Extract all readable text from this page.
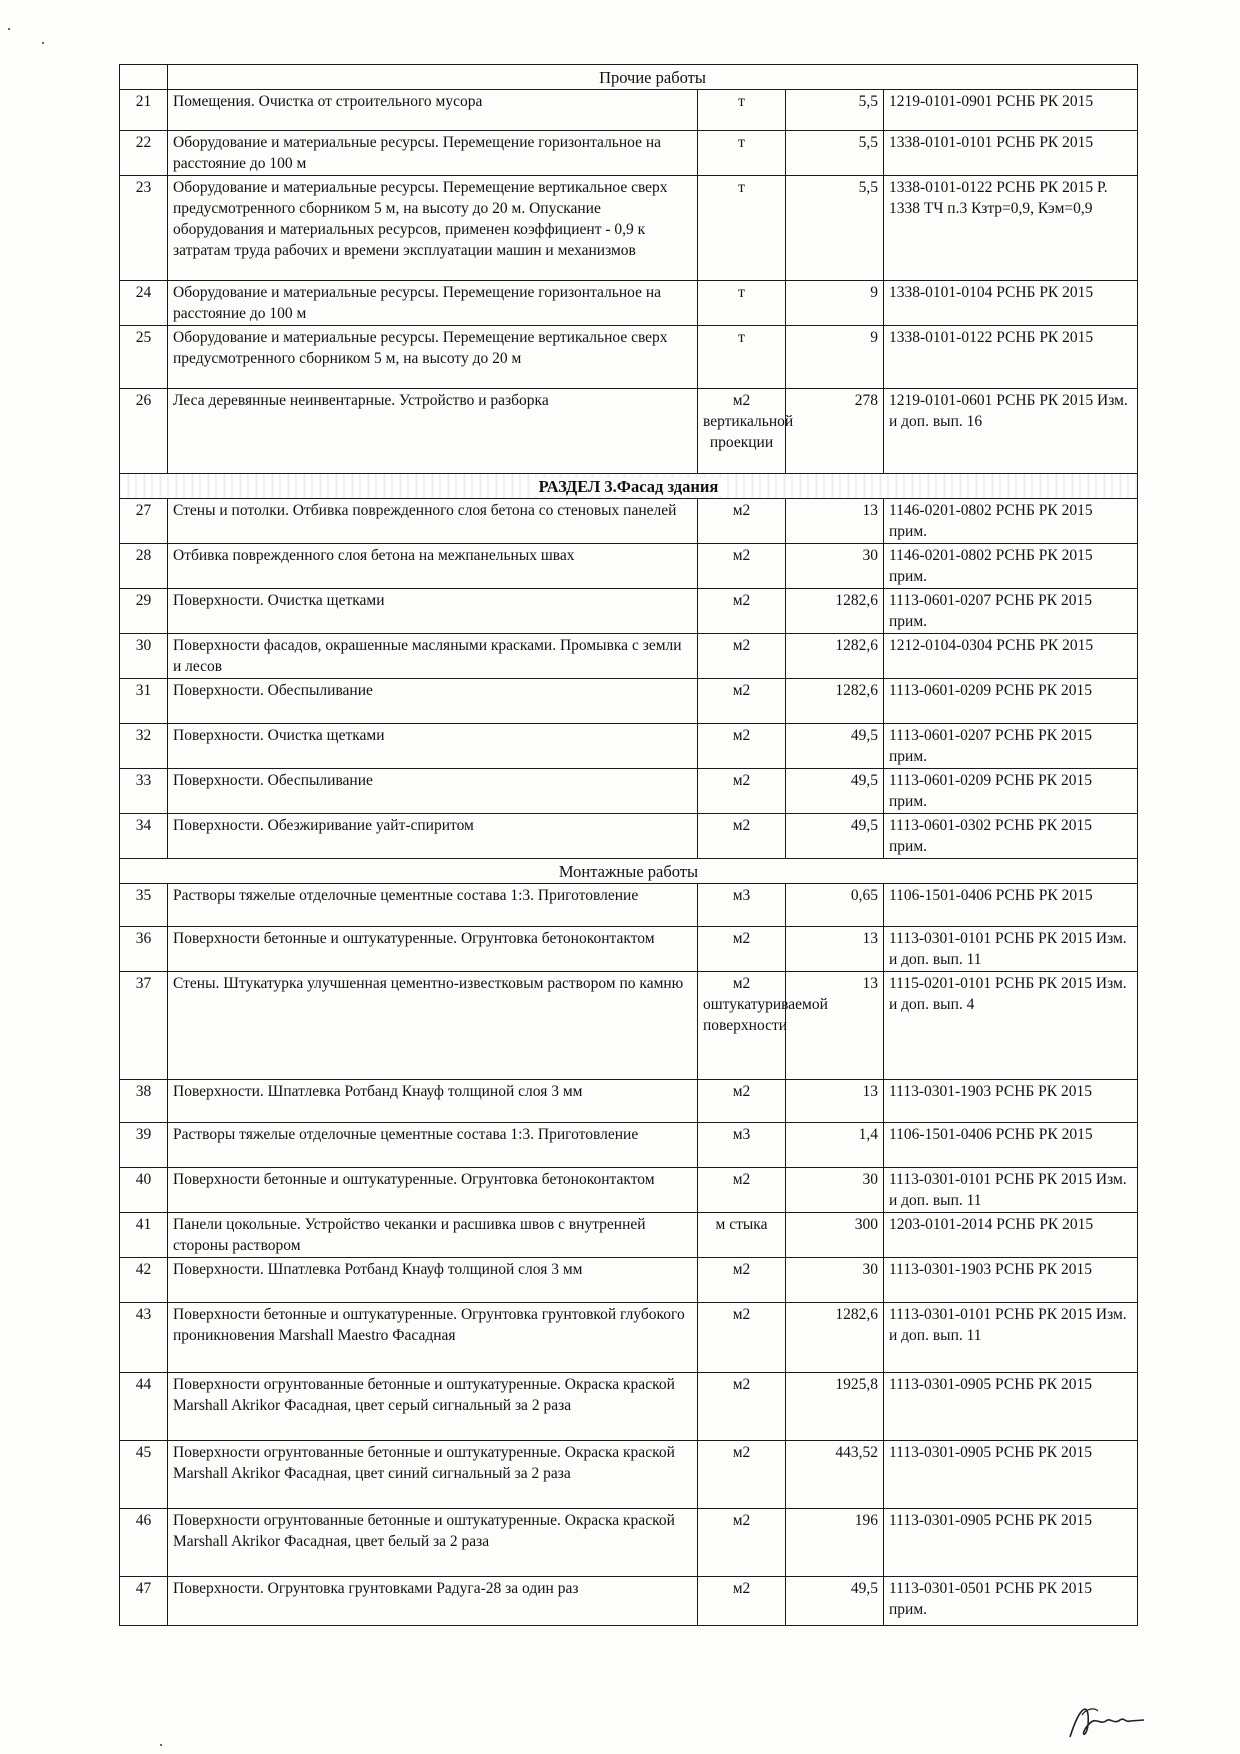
	Прочие работы			
21	Помещения. Очистка от строительного мусора	т	5,5	1219-0101-0901 РСНБ РК 2015
22	Оборудование и материальные ресурсы. Перемещение горизонтальное на расстояние до 100 м	т	5,5	1338-0101-0101 РСНБ РК 2015
23	Оборудование и материальные ресурсы. Перемещение вертикальное сверх предусмотренного сборником 5 м, на высоту до 20 м. Опускание оборудования и материальных ресурсов, применен коэффициент - 0,9 к затратам труда рабочих и времени эксплуатации машин и механизмов	т	5,5	1338-0101-0122 РСНБ РК 2015 Р. 1338 ТЧ п.3 Кзтр=0,9, Кэм=0,9
24	Оборудование и материальные ресурсы. Перемещение горизонтальное на расстояние до 100 м	т	9	1338-0101-0104 РСНБ РК 2015
25	Оборудование и материальные ресурсы. Перемещение вертикальное сверх предусмотренного сборником 5 м, на высоту до 20 м	т	9	1338-0101-0122 РСНБ РК 2015
26	Леса деревянные неинвентарные. Устройство и разборка	м2 вертикальной проекции	278	1219-0101-0601 РСНБ РК 2015 Изм. и доп. вып. 16
РАЗДЕЛ 3.Фасад здания				
27	Стены и потолки. Отбивка поврежденного слоя бетона со стеновых панелей	м2	13	1146-0201-0802 РСНБ РК 2015 прим.
28	Отбивка поврежденного слоя бетона на межпанельных швах	м2	30	1146-0201-0802 РСНБ РК 2015 прим.
29	Поверхности. Очистка щетками	м2	1282,6	1113-0601-0207 РСНБ РК 2015 прим.
30	Поверхности фасадов, окрашенные масляными красками. Промывка с земли и лесов	м2	1282,6	1212-0104-0304 РСНБ РК 2015
31	Поверхности. Обеспыливание	м2	1282,6	1113-0601-0209 РСНБ РК 2015
32	Поверхности. Очистка щетками	м2	49,5	1113-0601-0207 РСНБ РК 2015 прим.
33	Поверхности. Обеспыливание	м2	49,5	1113-0601-0209 РСНБ РК 2015 прим.
34	Поверхности. Обезжиривание уайт-спиритом	м2	49,5	1113-0601-0302 РСНБ РК 2015 прим.
Монтажные работы				
35	Растворы тяжелые отделочные цементные состава 1:3. Приготовление	м3	0,65	1106-1501-0406 РСНБ РК 2015
36	Поверхности бетонные и оштукатуренные. Огрунтовка бетоноконтактом	м2	13	1113-0301-0101 РСНБ РК 2015 Изм. и доп. вып. 11
37	Стены. Штукатурка улучшенная цементно-известковым раствором по камню	м2 оштукатуриваемой поверхности	13	1115-0201-0101 РСНБ РК 2015 Изм. и доп. вып. 4
38	Поверхности. Шпатлевка Ротбанд Кнауф толщиной слоя 3 мм	м2	13	1113-0301-1903 РСНБ РК 2015
39	Растворы тяжелые отделочные цементные состава 1:3. Приготовление	м3	1,4	1106-1501-0406 РСНБ РК 2015
40	Поверхности бетонные и оштукатуренные. Огрунтовка бетоноконтактом	м2	30	1113-0301-0101 РСНБ РК 2015 Изм. и доп. вып. 11
41	Панели цокольные. Устройство чеканки и расшивка швов с внутренней стороны раствором	м стыка	300	1203-0101-2014 РСНБ РК 2015
42	Поверхности. Шпатлевка Ротбанд Кнауф толщиной слоя 3 мм	м2	30	1113-0301-1903 РСНБ РК 2015
43	Поверхности бетонные и оштукатуренные. Огрунтовка грунтовкой глубокого проникновения Marshall Maestro Фасадная	м2	1282,6	1113-0301-0101 РСНБ РК 2015 Изм. и доп. вып. 11
44	Поверхности огрунтованные бетонные и оштукатуренные. Окраска краской Marshall Akrikor Фасадная, цвет серый сигнальный за 2 раза	м2	1925,8	1113-0301-0905 РСНБ РК 2015
45	Поверхности огрунтованные бетонные и оштукатуренные. Окраска краской Marshall Akrikor Фасадная, цвет синий сигнальный за 2 раза	м2	443,52	1113-0301-0905 РСНБ РК 2015
46	Поверхности огрунтованные бетонные и оштукатуренные. Окраска краской Marshall Akrikor Фасадная, цвет белый за 2 раза	м2	196	1113-0301-0905 РСНБ РК 2015
47	Поверхности. Огрунтовка грунтовками Радуга-28 за один раз	м2	49,5	1113-0301-0501 РСНБ РК 2015 прим.
